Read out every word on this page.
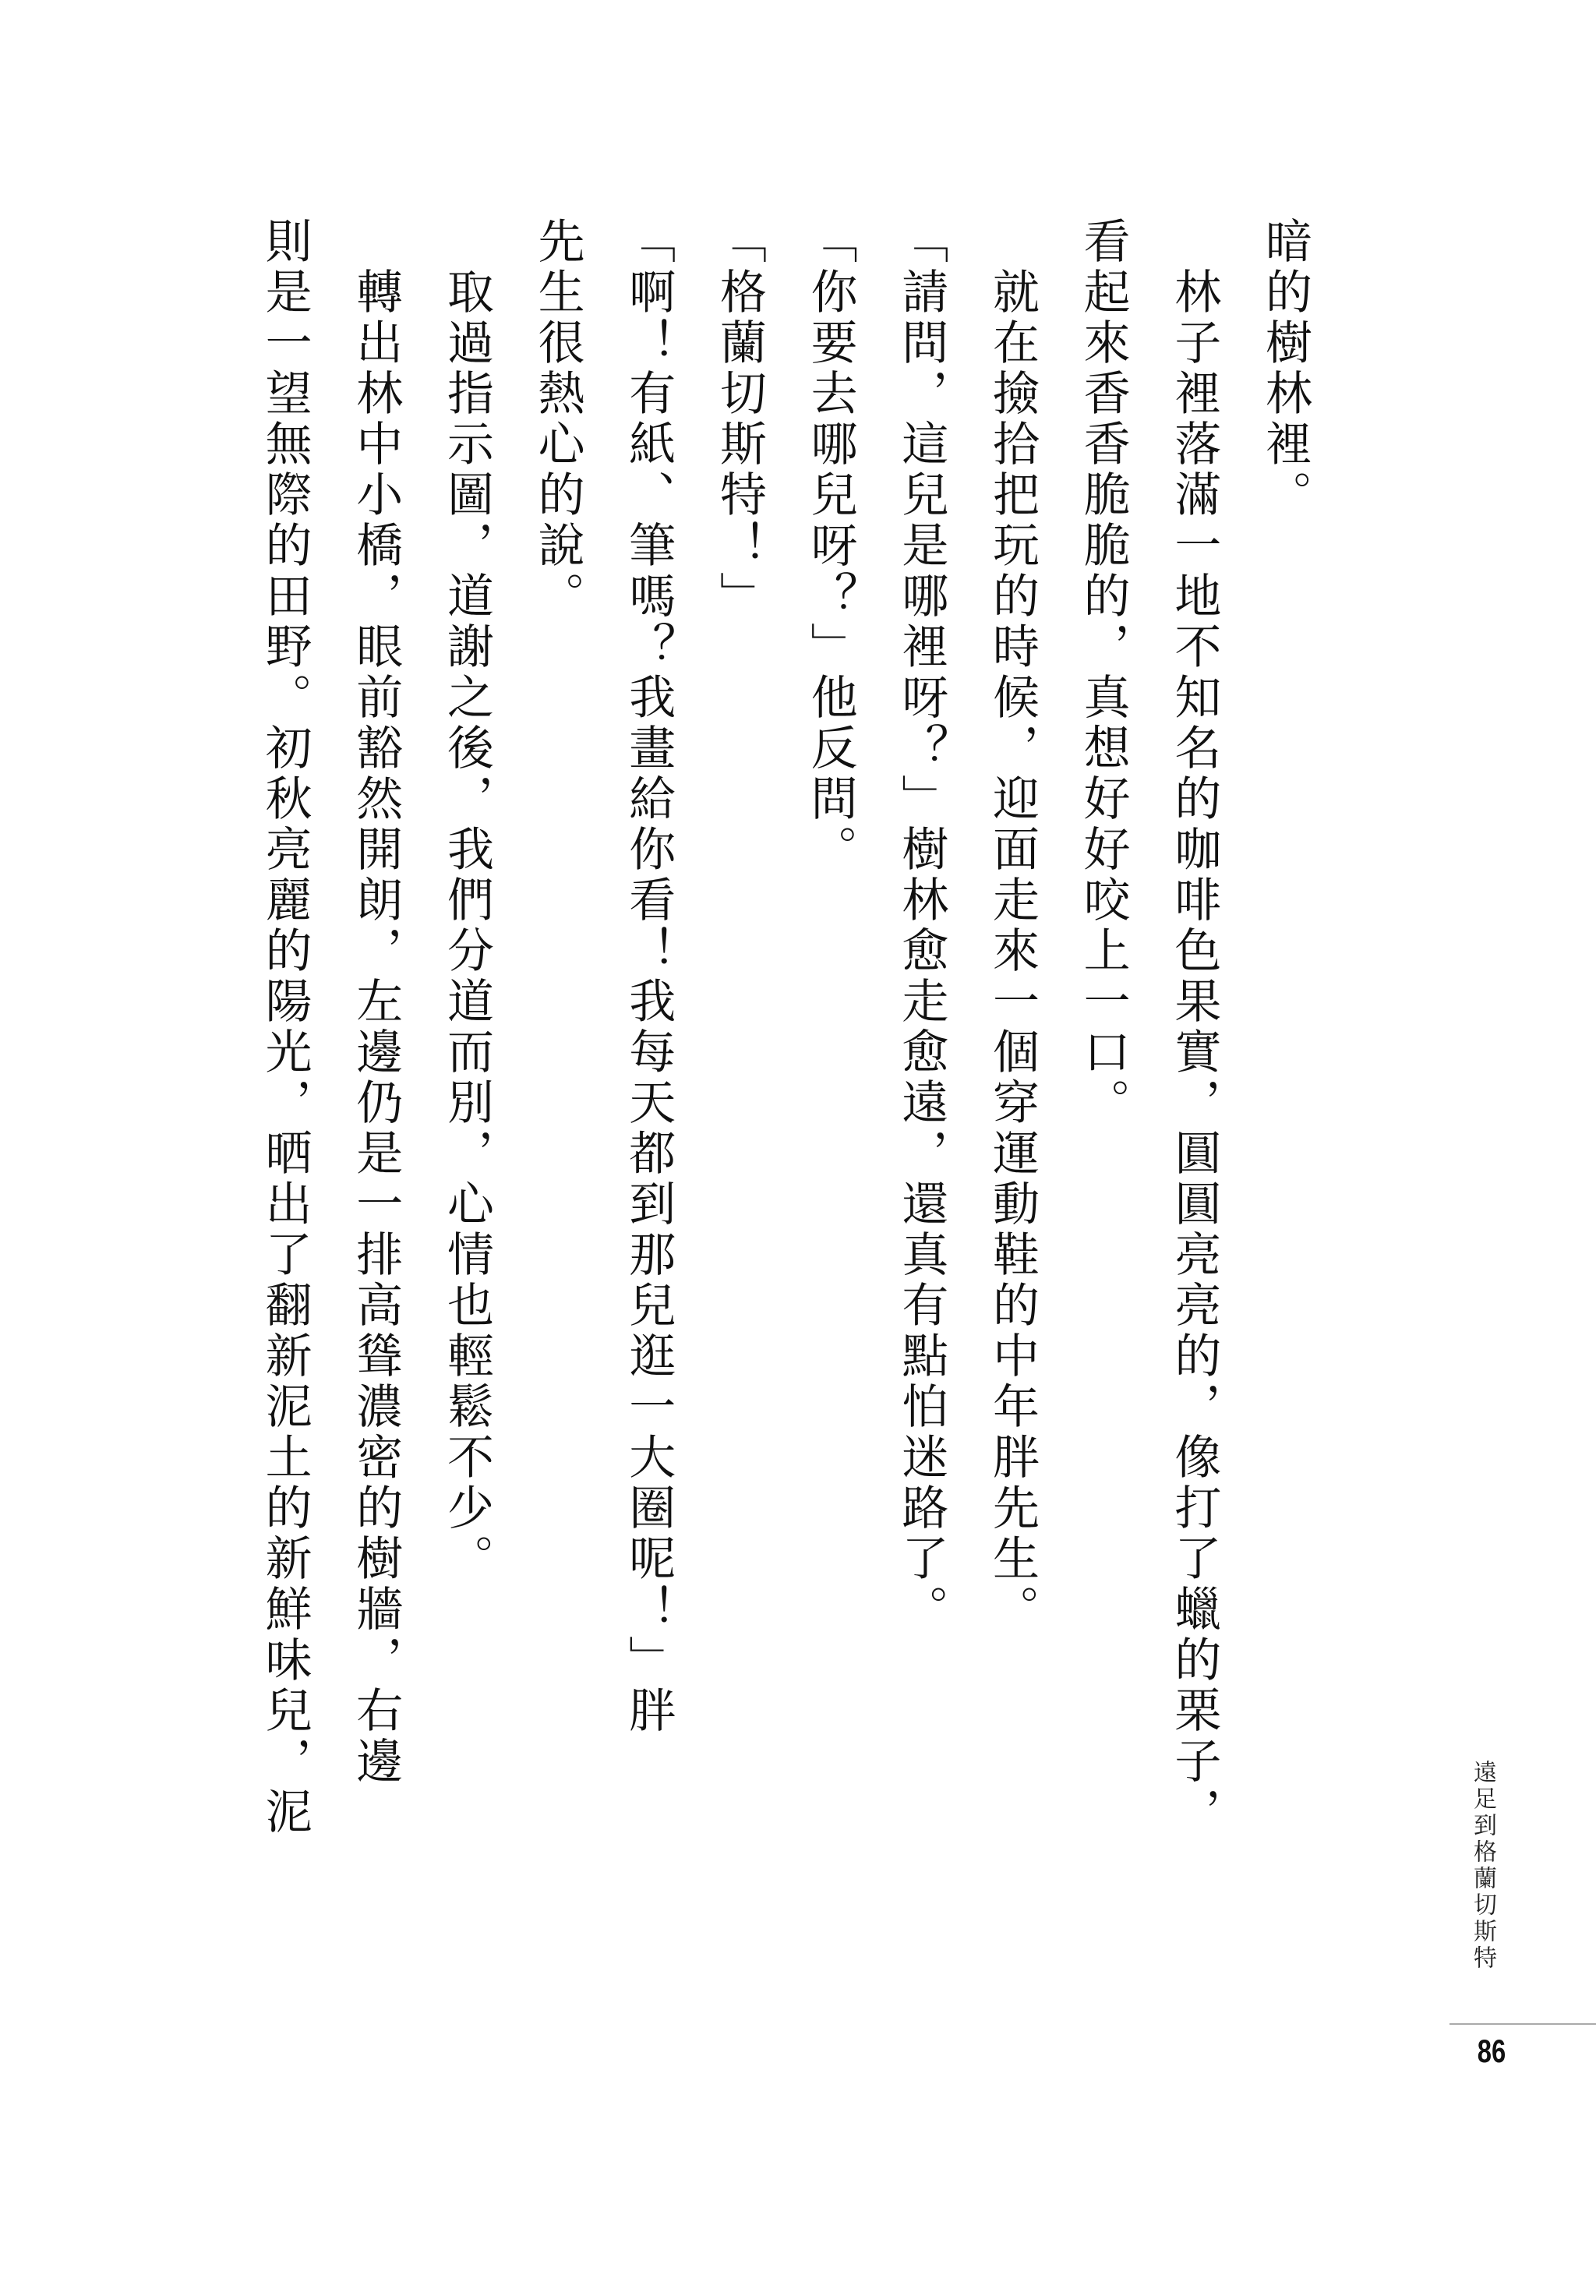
暗的樹林裡。
　林子裡落滿一地不知名的咖啡色果實，圓圓亮亮的，像打了蠟的栗子，
看起來香香脆脆的，真想好好咬上一口。
　就在撿拾把玩的時候，迎面走來一個穿運動鞋的中年胖先生。
「請問，這兒是哪裡呀？」樹林愈走愈遠，還真有點怕迷路了。
「你要去哪兒呀？」他反問。
「格蘭切斯特！」
「啊！有紙、筆嗎？我畫給你看！我每天都到那兒逛一大圈呢！」胖
先生很熱心的說。
　取過指示圖，道謝之後，我們分道而別，心情也輕鬆不少。
　轉出林中小橋，眼前豁然開朗，左邊仍是一排高聳濃密的樹牆，右邊
則是一望無際的田野。初秋亮麗的陽光，晒出了翻新泥土的新鮮味兒，泥
遠足到格蘭切斯特
86
